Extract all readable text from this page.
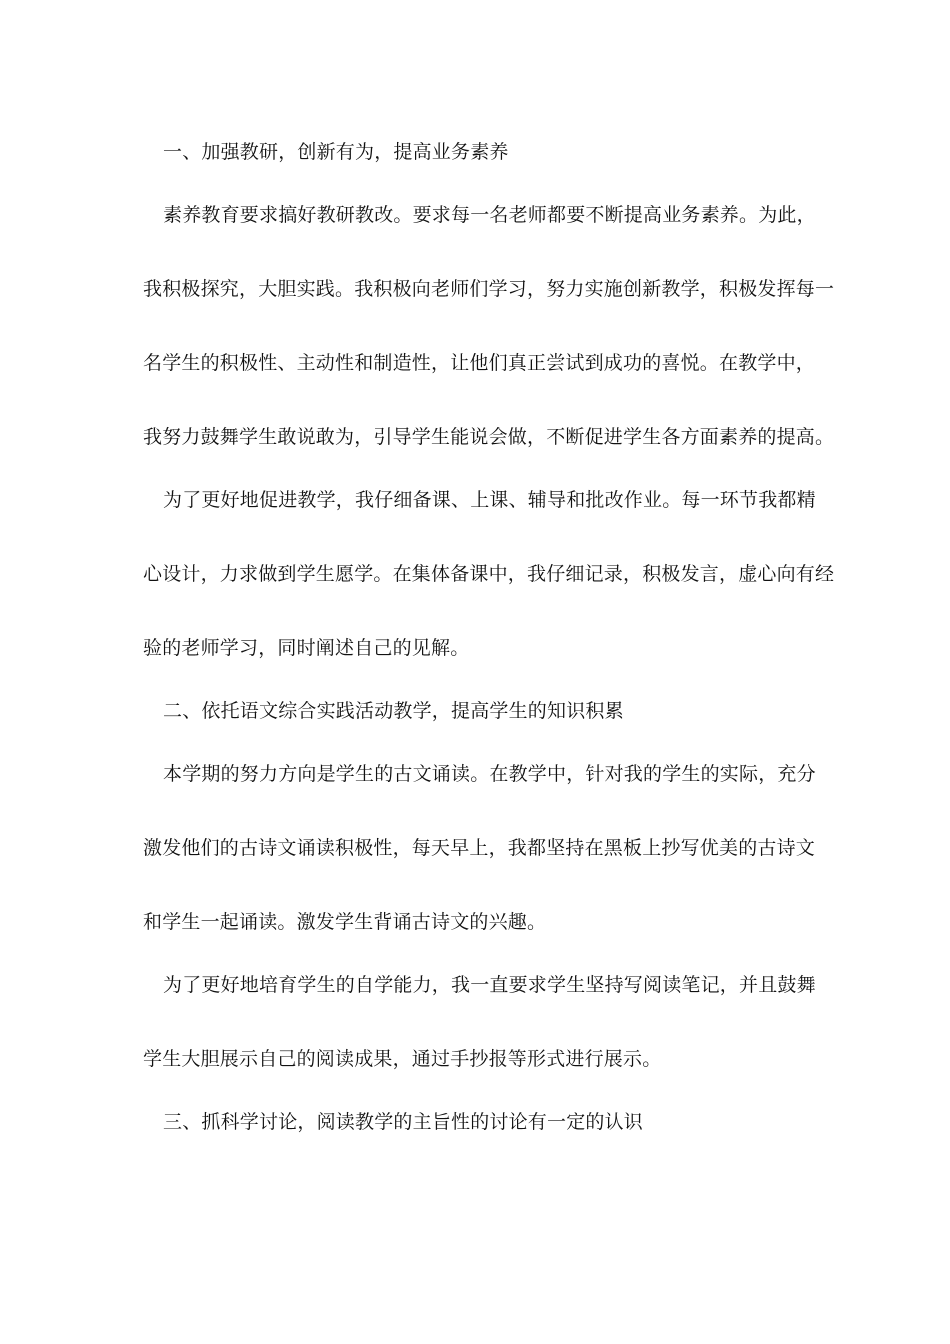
一、加强教研，创新有为，提高业务素养
素养教育要求搞好教研教改。要求每一名老师都要不断提高业务素养。为此，
我积极探究，大胆实践。我积极向老师们学习，努力实施创新教学，积极发挥每一
名学生的积极性、主动性和制造性，让他们真正尝试到成功的喜悦。在教学中，
我努力鼓舞学生敢说敢为，引导学生能说会做，不断促进学生各方面素养的提高。
为了更好地促进教学，我仔细备课、上课、辅导和批改作业。每一环节我都精
心设计，力求做到学生愿学。在集体备课中，我仔细记录，积极发言，虚心向有经
验的老师学习，同时阐述自己的见解。
二、依托语文综合实践活动教学，提高学生的知识积累
本学期的努力方向是学生的古文诵读。在教学中，针对我的学生的实际，充分
激发他们的古诗文诵读积极性，每天早上，我都坚持在黑板上抄写优美的古诗文
和学生一起诵读。激发学生背诵古诗文的兴趣。
为了更好地培育学生的自学能力，我一直要求学生坚持写阅读笔记，并且鼓舞
学生大胆展示自己的阅读成果，通过手抄报等形式进行展示。
三、抓科学讨论，阅读教学的主旨性的讨论有一定的认识
